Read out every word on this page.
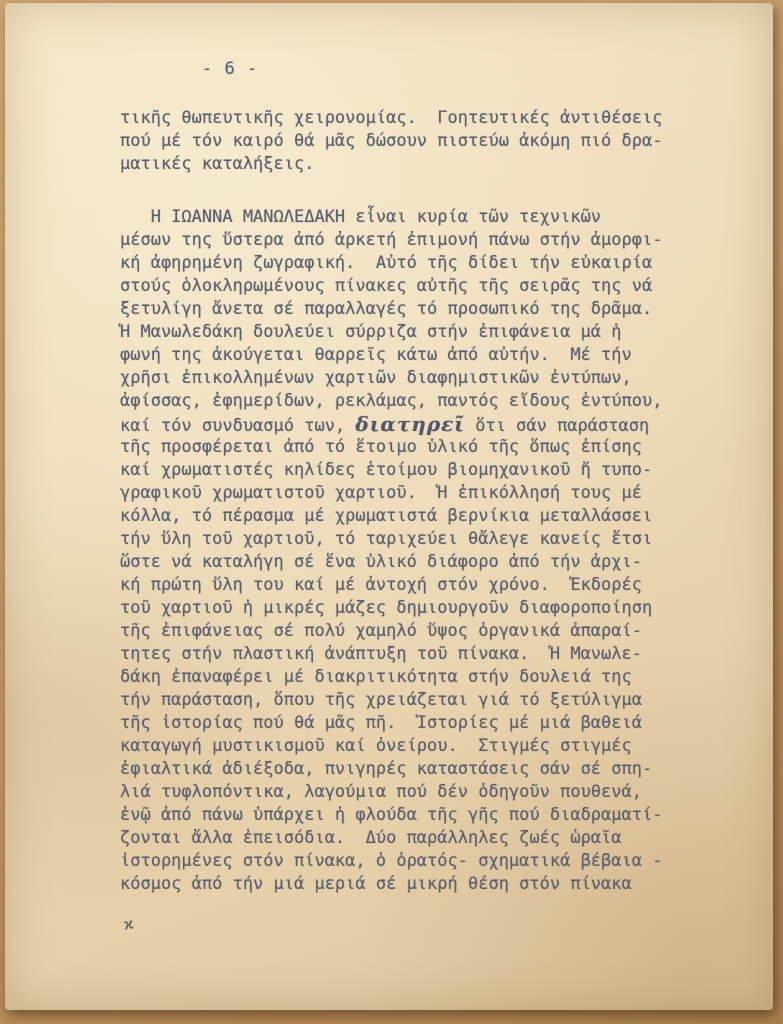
- 6 -
τικῆς θωπευτικῆς χειρονομίας.  Γοητευτικές ἀντιθέσεις
πού μέ τόν καιρό θά μᾶς δώσουν πιστεύω ἀκόμη πιό δρα-
ματικές καταλήξεις.
Η ΙΩΑΝΝΑ ΜΑΝΩΛΕΔΑΚΗ εἶναι κυρία τῶν τεχνικῶν
μέσων της ὕστερα ἀπό ἀρκετή ἐπιμονή πάνω στήν ἀμορφι-
κή ἀφηρημένη ζωγραφική.  Αὐτό τῆς δίδει τήν εὐκαιρία
στούς ὁλοκληρωμένους πίνακες αὐτῆς τῆς σειρᾶς της νά
ξετυλίγη ἄνετα σέ παραλλαγές τό προσωπικό της δρᾶμα.
Ἡ Μανωλεδάκη δουλεύει σύρριζα στήν ἐπιφάνεια μά ἡ
φωνή της ἀκούγεται θαρρεῖς κάτω ἀπό αὐτήν.  Μέ τήν
χρῆσι ἐπικολλημένων χαρτιῶν διαφημιστικῶν ἐντύπων,
ἀφίσσας, ἐφημερίδων, ρεκλάμας, παντός εἴδους ἐντύπου,
καί τόν συνδυασμό των, διατηρεῖ ὅτι σάν παράσταση
τῆς προσφέρεται ἀπό τό ἕτοιμο ὑλικό τῆς ὅπως ἐπίσης
καί χρωματιστές κηλίδες ἑτοίμου βιομηχανικοῦ ἤ τυπο-
γραφικοῦ χρωματιστοῦ χαρτιοῦ.  Ἡ ἐπικόλλησή τους μέ
κόλλα, τό πέρασμα μέ χρωματιστά βερνίκια μεταλλάσσει
τήν ὕλη τοῦ χαρτιοῦ, τό ταριχεύει θἄλεγε κανείς ἔτσι
ὥστε νά καταλήγη σέ ἕνα ὑλικό διάφορο ἀπό τήν ἀρχι-
κή πρώτη ὕλη του καί μέ ἀντοχή στόν χρόνο.  Ἐκδορές
τοῦ χαρτιοῦ ἡ μικρές μάζες δημιουργοῦν διαφοροποίηση
τῆς ἐπιφάνειας σέ πολύ χαμηλό ὕψος ὀργανικά ἀπαραί-
τητες στήν πλαστική ἀνάπτυξη τοῦ πίνακα.  Ἡ Μανωλε-
δάκη ἐπαναφέρει μέ διακριτικότητα στήν δουλειά της
τήν παράσταση, ὅπου τῆς χρειάζεται γιά τό ξετύλιγμα
τῆς ἱστορίας πού θά μᾶς πῆ.  Ἱστορίες μέ μιά βαθειά
καταγωγή μυστικισμοῦ καί ὀνείρου.  Στιγμές στιγμές
ἐφιαλτικά ἀδιέξοδα, πνιγηρές καταστάσεις σάν σέ σπη-
λιά τυφλοπόντικα, λαγούμια πού δέν ὁδηγοῦν πουθενά,
ἐνῷ ἀπό πάνω ὑπάρχει ἡ φλούδα τῆς γῆς πού διαδραματί-
ζονται ἄλλα ἐπεισόδια.  Δύο παράλληλες ζωές ὡραῖα
ἱστορημένες στόν πίνακα, ὁ ὁρατός- σχηματικά βέβαια -
κόσμος ἀπό τήν μιά μεριά σέ μικρή θέση στόν πίνακα
ϰ
